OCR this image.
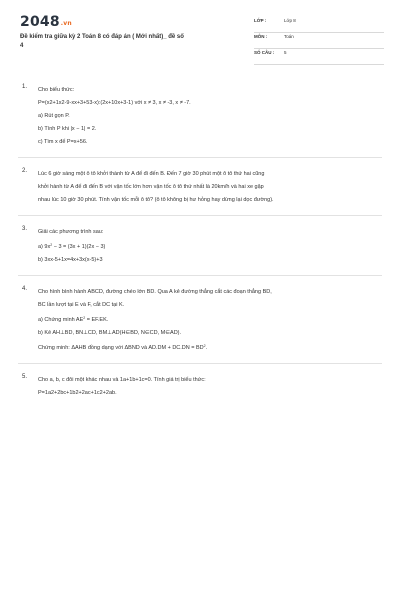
2048.vn
Đề kiểm tra giữa kỳ 2 Toán 8 có đáp án ( Mới nhất)_ đề số
4
LỚP :	Lớp 8
MÔN :	Toán
SỐ CÂU : 5
1. Cho biểu thức:
P=(x2+1x2-9-xx+3+53-x):(2x+10x+3-1) với x ≠ 3, x ≠ -3, x ≠ -7.
a) Rút gọn P.
b) Tính P khi |x − 1| = 2.
c) Tìm x để P=x+56.
2. Lúc 6 giờ sáng một ô tô khởi thành từ A để đi đến B. Đến 7 giờ 30 phút một ô tô thứ hai cũng
khởi hành từ A để đi đến B với vận tốc lớn hơn vận tốc ô tô thứ nhất là 20km/h và hai xe gặp
nhau lúc 10 giờ 30 phút. Tính vận tốc mỗi ô tô? (ô tô không bị hư hỏng hay dừng lại dọc đường).
3. Giải các phương trình sau:
a) $9x^2 - 3 = (3x + 1)(2x - 3)$
b) 3xx-5+1x=4x+3x(x-5)+3
4. Cho hình bình hành ABCD, đường chéo lớn BD. Qua A kẻ đường thẳng cắt các đoạn thẳng BD,
BC lần lượt tại E và F, cắt DC tại K.
a) Chứng minh $AE^2 = EF.EK$.
b) Kẻ AH⊥BD, BN⊥CD, BM⊥AD(H∈BD, N∈CD, M∈AD).
Chứng minh: ΔAHB đồng dạng với ΔBND và $AD.DM + DC.DN = BD^2$.
5. Cho a, b, c đôi một khác nhau và 1a+1b+1c=0. Tính giá trị biểu thức:
P=1a2+2bc+1b2+2ac+1c2+2ab.
